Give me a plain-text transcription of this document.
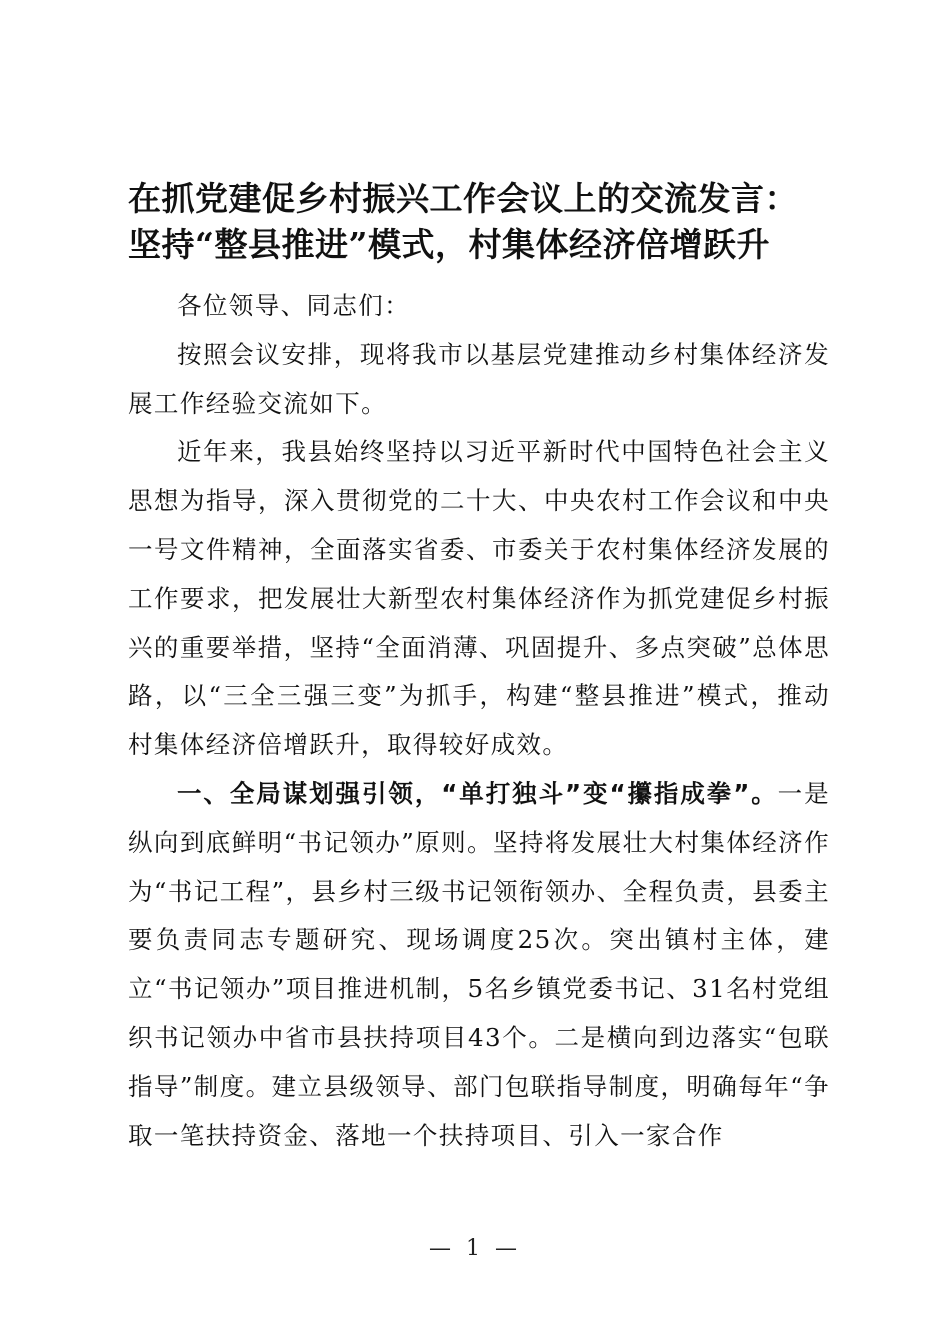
在抓党建促乡村振兴工作会议上的交流发言：
坚持“整县推进”模式，村集体经济倍增跃升

各位领导、同志们：

按照会议安排，现将我市以基层党建推动乡村集体经济发展工作经验交流如下。

近年来，我县始终坚持以习近平新时代中国特色社会主义思想为指导，深入贯彻党的二十大、中央农村工作会议和中央一号文件精神，全面落实省委、市委关于农村集体经济发展的工作要求，把发展壮大新型农村集体经济作为抓党建促乡村振兴的重要举措，坚持“全面消薄、巩固提升、多点突破”总体思路，以“三全三强三变”为抓手，构建“整县推进”模式，推动村集体经济倍增跃升，取得较好成效。

一、全局谋划强引领，“单打独斗”变“攥指成拳”。一是纵向到底鲜明“书记领办”原则。坚持将发展壮大村集体经济作为“书记工程”，县乡村三级书记领衔领办、全程负责，县委主要负责同志专题研究、现场调度25次。突出镇村主体，建立“书记领办”项目推进机制，5名乡镇党委书记、31名村党组织书记领办中省市县扶持项目43个。二是横向到边落实“包联指导”制度。建立县级领导、部门包联指导制度，明确每年“争取一笔扶持资金、落地一个扶持项目、引入一家合作

— 1 —
